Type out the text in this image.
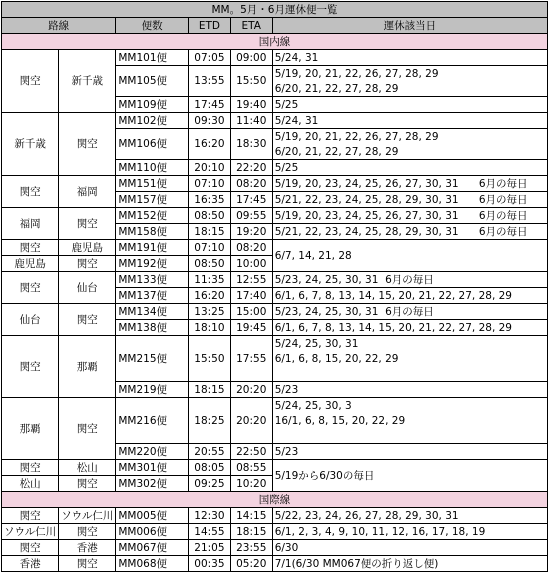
MM。5月・6月運休便一覧						
路線		便数	ETD	ETA	運休該当日	
国内線						
関空	新千歳	MM101便	07:05	09:00	5/24, 31	
		MM105便	13:55	15:50	5/19, 20, 21, 22, 26, 27, 28, 29	
					6/20, 21, 22, 27, 28, 29	
		MM109便	17:45	19:40	5/25	
新千歳	関空	MM102便	09:30	11:40	5/24, 31	
		MM106便	16:20	18:30	5/19, 20, 21, 22, 26, 27, 28, 29	
					6/20, 21, 22, 27, 28, 29	
		MM110便	20:10	22:20	5/25	
関空	福岡	MM151便	07:10	08:20	5/19, 20, 23, 24, 25, 26, 27, 30, 31	6月の毎日
		MM157便	16:35	17:45	5/21, 22, 23, 24, 25, 28, 29, 30, 31	6月の毎日
福岡	関空	MM152便	08:50	09:55	5/19, 20, 23, 24, 25, 26, 27, 30, 31	6月の毎日
		MM158便	18:15	19:20	5/21, 22, 23, 24, 25, 28, 29, 30, 31	6月の毎日
関空	鹿児島	MM191便	07:10	08:20	6/7, 14, 21, 28	
鹿児島	関空	MM192便	08:50	10:00		
関空	仙台	MM133便	11:35	12:55	5/23, 24, 25, 30, 31 6月の毎日	
		MM137便	16:20	17:40	6/1, 6, 7, 8, 13, 14, 15, 20, 21, 22, 27, 28, 29	
仙台	関空	MM134便	13:25	15:00	5/23, 24, 25, 30, 31 6月の毎日	
		MM138便	18:10	19:45	6/1, 6, 7, 8, 13, 14, 15, 20, 21, 22, 27, 28, 29	
関空	那覇	MM215便	15:50	17:55	5/24, 25, 30, 31	
					6/1, 6, 8, 15, 20, 22, 29	

		MM219便	18:15	20:20	5/23	
那覇	関空	MM216便	18:25	20:20	5/24, 25, 30, 3	
					16/1, 6, 8, 15, 20, 22, 29	

		MM220便	20:55	22:50	5/23	
関空	松山	MM301便	08:05	08:55	5/19から6/30の毎日	
松山	関空	MM302便	09:25	10:20		
国際線						
関空	ソウル仁川	MM005便	12:30	14:15	5/22, 23, 24, 26, 27, 28, 29, 30, 31	
ソウル仁川	関空	MM006便	14:55	18:15	6/1, 2, 3, 4, 9, 10, 11, 12, 16, 17, 18, 19	
関空	香港	MM067便	21:05	23:55	6/30	
香港	関空	MM068便	00:35	05:20	7/1(6/30 MM067便の折り返し便)	
